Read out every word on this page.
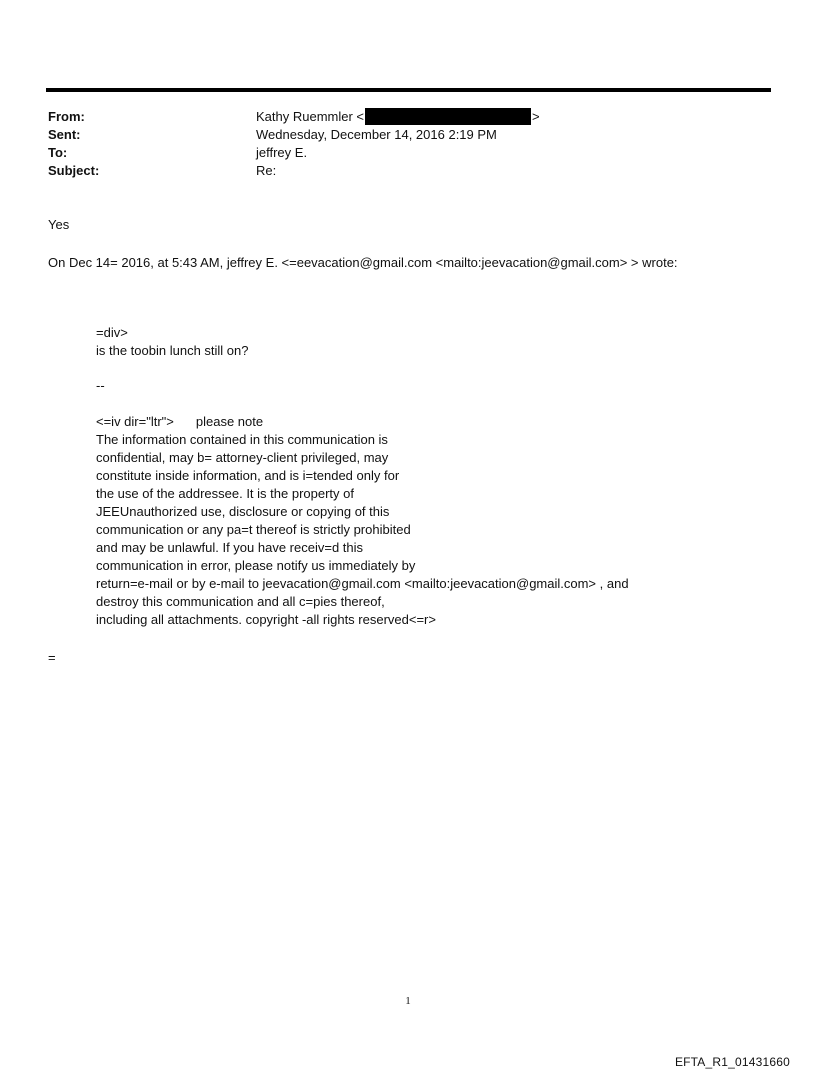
From:
Sent:
To:
Subject:
Kathy Ruemmler <	>
Wednesday, December 14, 2016 2:19 PM
jeffrey E.
Re:
Yes
On Dec 14= 2016, at 5:43 AM, jeffrey E. <=eevacation@gmail.com <mailto:jeevacation@gmail.com> > wrote:
=div>
is the toobin lunch still on?
--
<=iv dir="ltr"> please note
The information contained in this communication is
confidential, may b= attorney-client privileged, may
constitute inside information, and is i=tended only for
the use of the addressee. It is the property of
JEEUnauthorized use, disclosure or copying of this
communication or any pa=t thereof is strictly prohibited
and may be unlawful. If you have receiv=d this
communication in error, please notify us immediately by
return=e-mail or by e-mail to jeevacation@gmail.com <mailto:jeevacation@gmail.com> , and
destroy this communication and all c=pies thereof,
including all attachments. copyright -all rights reserved<=r>
=
1
EFTA_R1_01431660
